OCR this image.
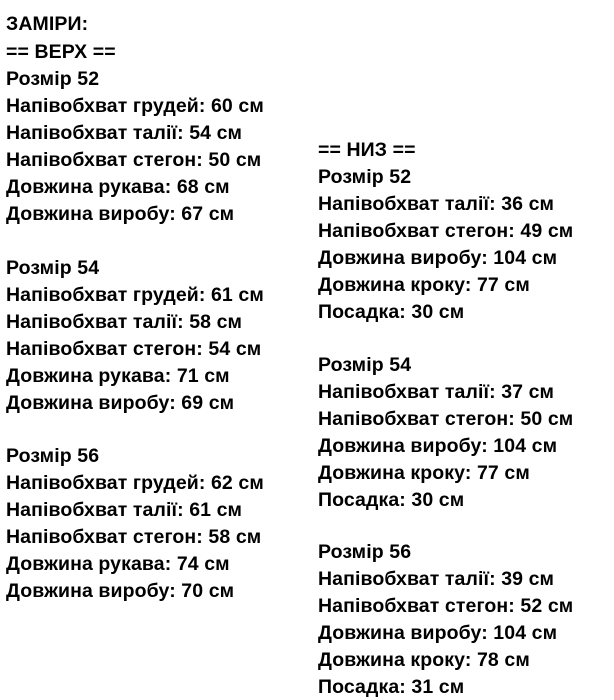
ЗАМІРИ:
== ВЕРХ ==
Розмір 52
Напівобхват грудей: 60 см
Напівобхват талії: 54 см
Напівобхват стегон: 50 см
Довжина рукава: 68 см
Довжина виробу: 67 см
Розмір 54
Напівобхват грудей: 61 см
Напівобхват талії: 58 см
Напівобхват стегон: 54 см
Довжина рукава: 71 см
Довжина виробу: 69 см
Розмір 56
Напівобхват грудей: 62 см
Напівобхват талії: 61 см
Напівобхват стегон: 58 см
Довжина рукава: 74 см
Довжина виробу: 70 см
== НИЗ ==
Розмір 52
Напівобхват талії: 36 см
Напівобхват стегон: 49 см
Довжина виробу: 104 см
Довжина кроку: 77 см
Посадка: 30 см
Розмір 54
Напівобхват талії: 37 см
Напівобхват стегон: 50 см
Довжина виробу: 104 см
Довжина кроку: 77 см
Посадка: 30 см
Розмір 56
Напівобхват талії: 39 см
Напівобхват стегон: 52 см
Довжина виробу: 104 см
Довжина кроку: 78 см
Посадка: 31 см
